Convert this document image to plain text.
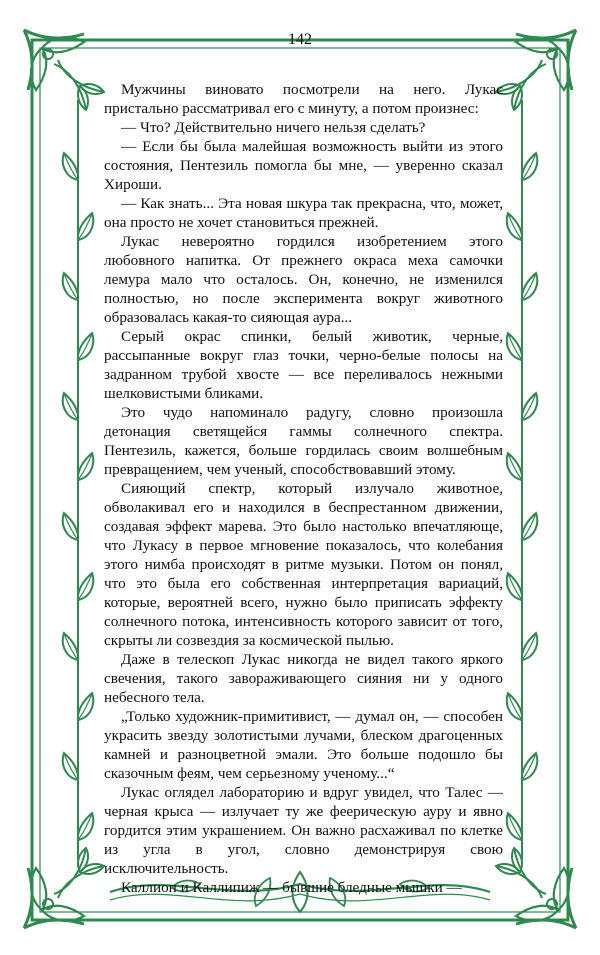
142

Мужчины виновато посмотрели на него. Лукас пристально рассматривал его с минуту, а потом произнес:

— Что? Действительно ничего нельзя сделать?

— Если бы была малейшая возможность выйти из этого состояния, Пентезиль помогла бы мне, — уверенно сказал Хироши.

— Как знать... Эта новая шкура так прекрасна, что, может, она просто не хочет становиться прежней.

Лукас невероятно гордился изобретением этого любовного напитка. От прежнего окраса меха самочки лемура мало что осталось. Он, конечно, не изменился полностью, но после эксперимента вокруг животного образовалась какая-то сияющая аура...

Серый окрас спинки, белый животик, черные, рассыпанные вокруг глаз точки, черно-белые полосы на задранном трубой хвосте — все переливалось нежными шелковистыми бликами.

Это чудо напоминало радугу, словно произошла детонация светящейся гаммы солнечного спектра. Пентезиль, кажется, больше гордилась своим волшебным превращением, чем ученый, способствовавший этому.

Сияющий спектр, который излучало животное, обволакивал его и находился в беспрестанном движении, создавая эффект марева. Это было настолько впечатляюще, что Лукасу в первое мгновение показалось, что колебания этого нимба происходят в ритме музыки. Потом он понял, что это была его собственная интерпретация вариаций, которые, вероятней всего, нужно было приписать эффекту солнечного потока, интенсивность которого зависит от того, скрыты ли созвездия за космической пылью.

Даже в телескоп Лукас никогда не видел такого яркого свечения, такого завораживающего сияния ни у одного небесного тела.

„Только художник-примитивист, — думал он, — способен украсить звезду золотистыми лучами, блеском драгоценных камней и разноцветной эмали. Это больше подошло бы сказочным феям, чем серьезному ученому...“

Лукас оглядел лабораторию и вдруг увидел, что Талес — черная крыса — излучает ту же феерическую ауру и явно гордится этим украшением. Он важно расхаживал по клетке из угла в угол, словно демонстрируя свою исключительность.

Каллиоп и Каллипиж — бывшие бледные мышки —
